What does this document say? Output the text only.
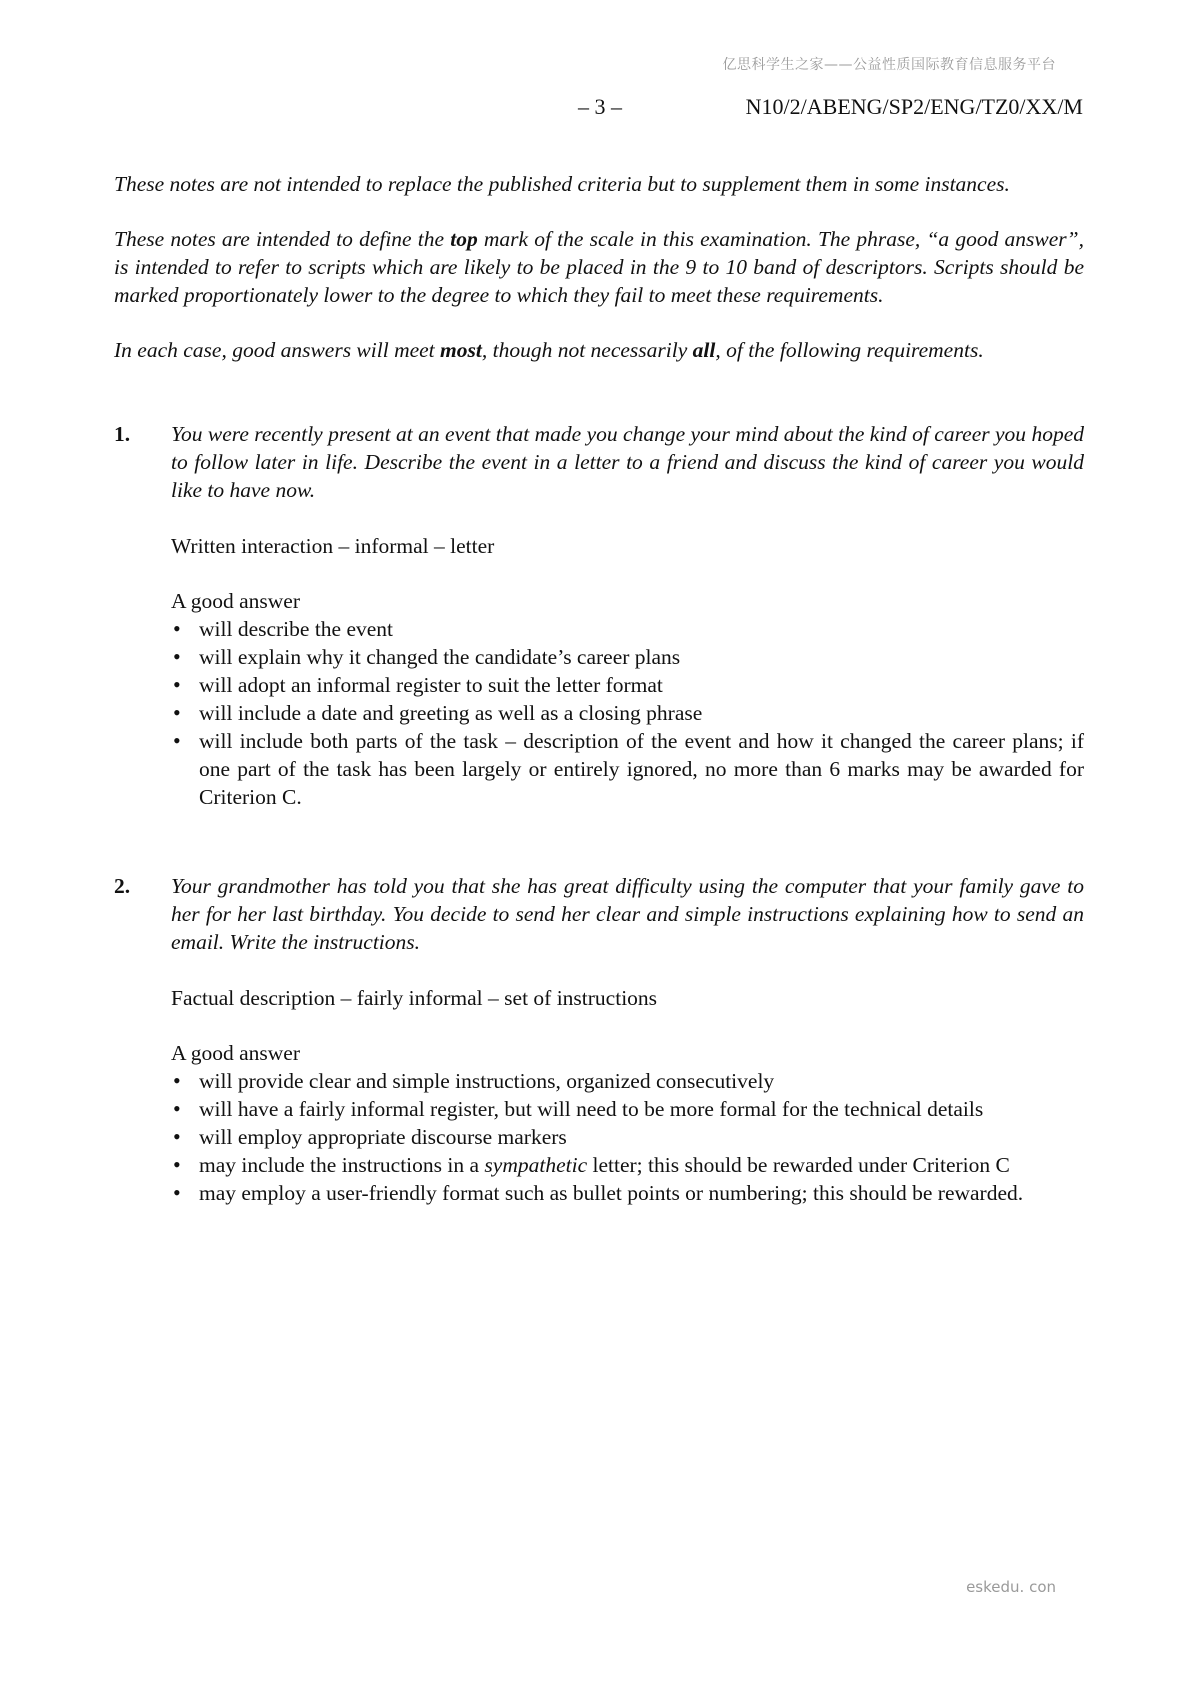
亿思科学生之家——公益性质国际教育信息服务平台
– 3 –	N10/2/ABENG/SP2/ENG/TZ0/XX/M

These notes are not intended to replace the published criteria but to supplement them in some instances.

These notes are intended to define the top mark of the scale in this examination. The phrase, “a good answer”, is intended to refer to scripts which are likely to be placed in the 9 to 10 band of descriptors. Scripts should be marked proportionately lower to the degree to which they fail to meet these requirements.

In each case, good answers will meet most, though not necessarily all, of the following requirements.

1. You were recently present at an event that made you change your mind about the kind of career you hoped to follow later in life. Describe the event in a letter to a friend and discuss the kind of career you would like to have now.

Written interaction – informal – letter

A good answer

• will describe the event
• will explain why it changed the candidate’s career plans
• will adopt an informal register to suit the letter format
• will include a date and greeting as well as a closing phrase
• will include both parts of the task – description of the event and how it changed the career plans; if one part of the task has been largely or entirely ignored, no more than 6 marks may be awarded for Criterion C.
2. Your grandmother has told you that she has great difficulty using the computer that your family gave to her for her last birthday. You decide to send her clear and simple instructions explaining how to send an email. Write the instructions.

Factual description – fairly informal – set of instructions

A good answer

• will provide clear and simple instructions, organized consecutively
• will have a fairly informal register, but will need to be more formal for the technical details
• will employ appropriate discourse markers
• may include the instructions in a sympathetic letter; this should be rewarded under Criterion C
• may employ a user-friendly format such as bullet points or numbering; this should be rewarded.
eskedu. con
